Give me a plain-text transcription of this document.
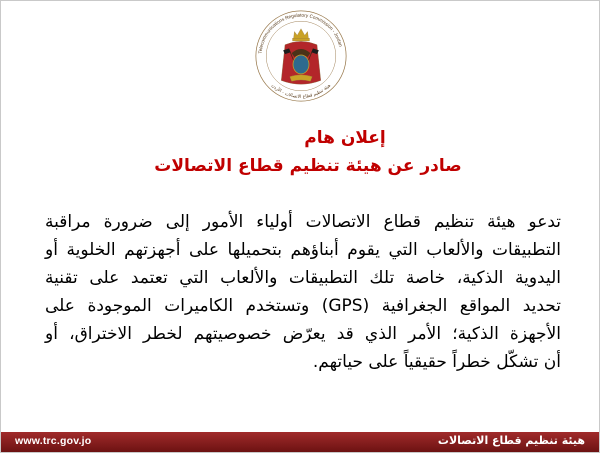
Telecommunications Regulatory Commission - Jordan
هيئة تنظيم قطاع الاتصالات - الأردن
إعلان هام
صادر عن هيئة تنظيم قطاع الاتصالات
تدعو هيئة تنظيم قطاع الاتصالات أولياء الأمور إلى ضرورة مراقبة
التطبيقات والألعاب التي يقوم أبناؤهم بتحميلها على أجهزتهم الخلوية أو
اليدوية الذكية، خاصة تلك التطبيقات والألعاب التي تعتمد على تقنية
تحديد المواقع الجغرافية (GPS) وتستخدم الكاميرات الموجودة على
الأجهزة الذكية؛ الأمر الذي قد يعرّض خصوصيتهم لخطر الاختراق، أو
أن تشكّل خطراً حقيقياً على حياتهم.
www.trc.gov.jo	هيئة تنظيم قطاع الاتصالات
